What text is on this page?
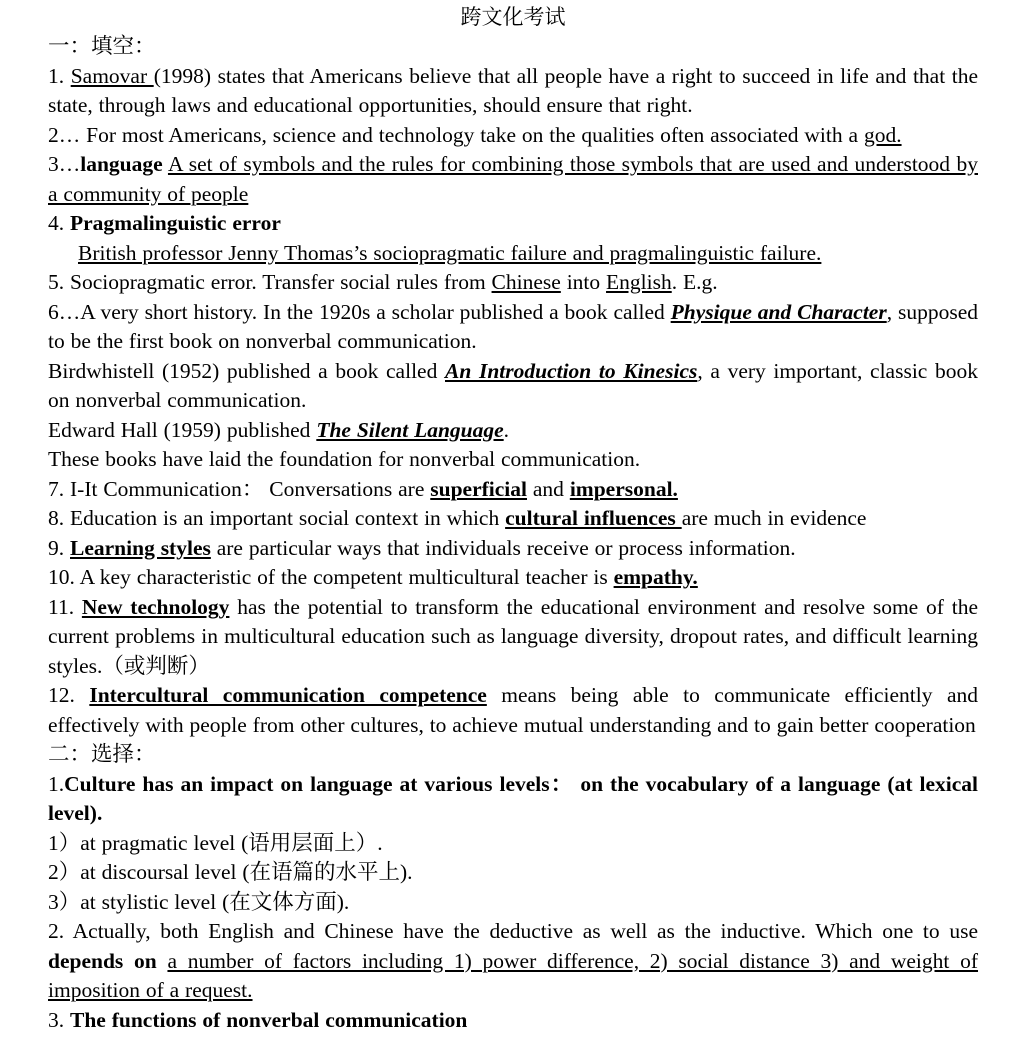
跨文化考试

一：填空：

1. Samovar (1998) states that Americans believe that all people have a right to succeed in life and that the state, through laws and educational opportunities, should ensure that right.

2… For most Americans, science and technology take on the qualities often associated with a god.

3…language A set of symbols and the rules for combining those symbols that are used and understood by a community of people

4. Pragmalinguistic error

British professor Jenny Thomas’s sociopragmatic failure and pragmalinguistic failure.

5. Sociopragmatic error. Transfer social rules from Chinese into English. E.g.

6…A very short history. In the 1920s a scholar published a book called Physique and Character, supposed to be the first book on nonverbal communication.

Birdwhistell (1952) published a book called An Introduction to Kinesics, a very important, classic book on nonverbal communication.

Edward Hall (1959) published The Silent Language.

These books have laid the foundation for nonverbal communication.

7. I-It Communication： Conversations are superficial and impersonal.

8. Education is an important social context in which cultural influences are much in evidence

9. Learning styles are particular ways that individuals receive or process information.

10. A key characteristic of the competent multicultural teacher is empathy.

11. New technology has the potential to transform the educational environment and resolve some of the current problems in multicultural education such as language diversity, dropout rates, and difficult learning styles.（或判断）

12. Intercultural communication competence means being able to communicate efficiently and effectively with people from other cultures, to achieve mutual understanding and to gain better cooperation

二：选择：

1.Culture has an impact on language at various levels： on the vocabulary of a language (at lexical level).

1）at pragmatic level (语用层面上）.

2）at discoursal level (在语篇的水平上).

3）at stylistic level (在文体方面).

2. Actually, both English and Chinese have the deductive as well as the inductive. Which one to use depends on a number of factors including 1) power difference, 2) social distance 3) and weight of imposition of a request.

3. The functions of nonverbal communication
